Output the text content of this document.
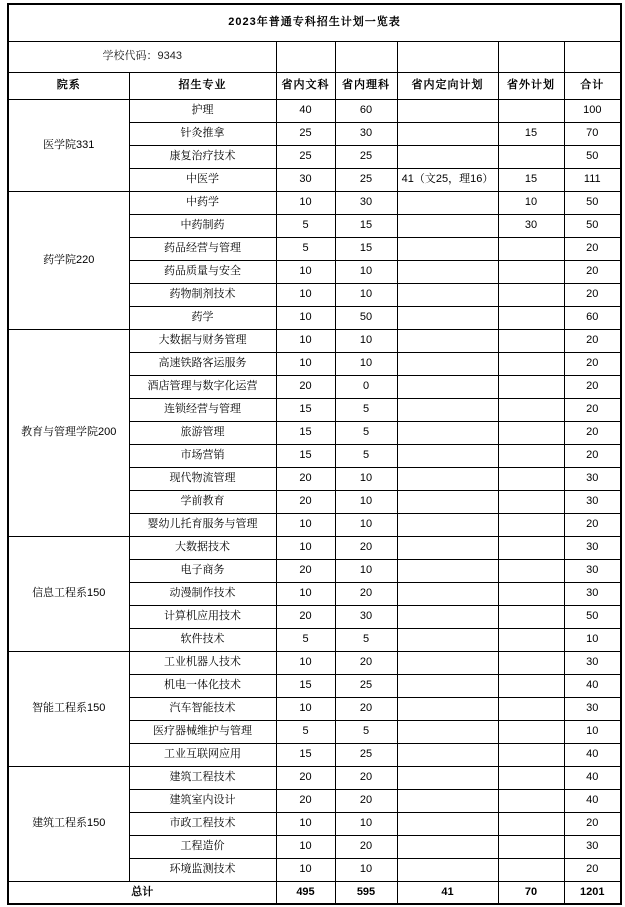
2023年普通专科招生计划一览表						
学校代码：9343						
院系	招生专业	省内文科	省内理科	省内定向计划	省外计划	合计
医学院331	护理	40	60			100
	针灸推拿	25	30		15	70
	康复治疗技术	25	25			50
	中医学	30	25	41（文25，理16）	15	111
药学院220	中药学	10	30		10	50
	中药制药	5	15		30	50
	药品经营与管理	5	15			20
	药品质量与安全	10	10			20
	药物制剂技术	10	10			20
	药学	10	50			60
教育与管理学院200	大数据与财务管理	10	10			20
	高速铁路客运服务	10	10			20
	酒店管理与数字化运营	20	0			20
	连锁经营与管理	15	5			20
	旅游管理	15	5			20
	市场营销	15	5			20
	现代物流管理	20	10			30
	学前教育	20	10			30
	婴幼儿托育服务与管理	10	10			20
信息工程系150	大数据技术	10	20			30
	电子商务	20	10			30
	动漫制作技术	10	20			30
	计算机应用技术	20	30			50
	软件技术	5	5			10
智能工程系150	工业机器人技术	10	20			30
	机电一体化技术	15	25			40
	汽车智能技术	10	20			30
	医疗器械维护与管理	5	5			10
	工业互联网应用	15	25			40
建筑工程系150	建筑工程技术	20	20			40
	建筑室内设计	20	20			40
	市政工程技术	10	10			20
	工程造价	10	20			30
	环境监测技术	10	10			20
总计		495	595	41	70	1201
